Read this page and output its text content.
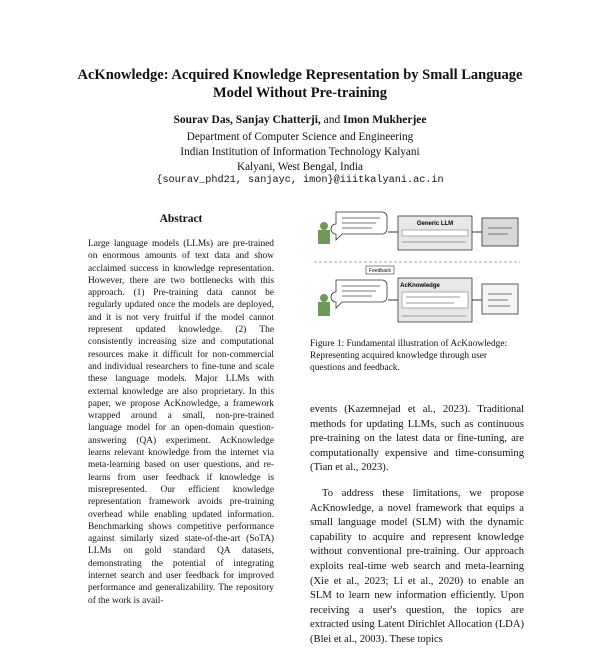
AcKnowledge: Acquired Knowledge Representation by Small Language
Model Without Pre-training
Sourav Das, Sanjay Chatterji, and Imon Mukherjee
Department of Computer Science and Engineering
Indian Institution of Information Technology Kalyani
Kalyani, West Bengal, India
{sourav_phd21, sanjayc, imon}@iiitkalyani.ac.in
Abstract

Large language models (LLMs) are pre-trained on enormous amounts of text data and show acclaimed success in knowledge representation. However, there are two bottlenecks with this approach. (1) Pre-training data cannot be regularly updated once the models are deployed, and it is not very fruitful if the model cannot represent updated knowledge. (2) The consistently increasing size and computational resources make it difficult for non-commercial and individual researchers to fine-tune and scale these language models. Major LLMs with external knowledge are also proprietary. In this paper, we propose AcKnowledge, a framework wrapped around a small, non-pre-trained language model for an open-domain question-answering (QA) experiment. AcKnowledge learns relevant knowledge from the internet via meta-learning based on user questions, and re-learns from user feedback if knowledge is misrepresented. Our efficient knowledge representation framework avoids pre-training overhead while enabling updated information. Benchmarking shows competitive performance against similarly sized state-of-the-art (SoTA) LLMs on gold standard QA datasets, demonstrating the potential of integrating internet search and user feedback for improved performance and generalizability. The repository of the work is avail-

Generic LLM
Feedback
AcKnowledge

Figure 1: Fundamental illustration of AcKnowledge: Representing acquired knowledge through user questions and feedback.

events (Kazemnejad et al., 2023). Traditional methods for updating LLMs, such as continuous pre-training on the latest data or fine-tuning, are computationally expensive and time-consuming (Tian et al., 2023).

To address these limitations, we propose AcKnowledge, a novel framework that equips a small language model (SLM) with the dynamic capability to acquire and represent knowledge without conventional pre-training. Our approach exploits real-time web search and meta-learning (Xie et al., 2023; Li et al., 2020) to enable an SLM to learn new information efficiently. Upon receiving a user's question, the topics are extracted using Latent Dirichlet Allocation (LDA) (Blei et al., 2003). These topics
